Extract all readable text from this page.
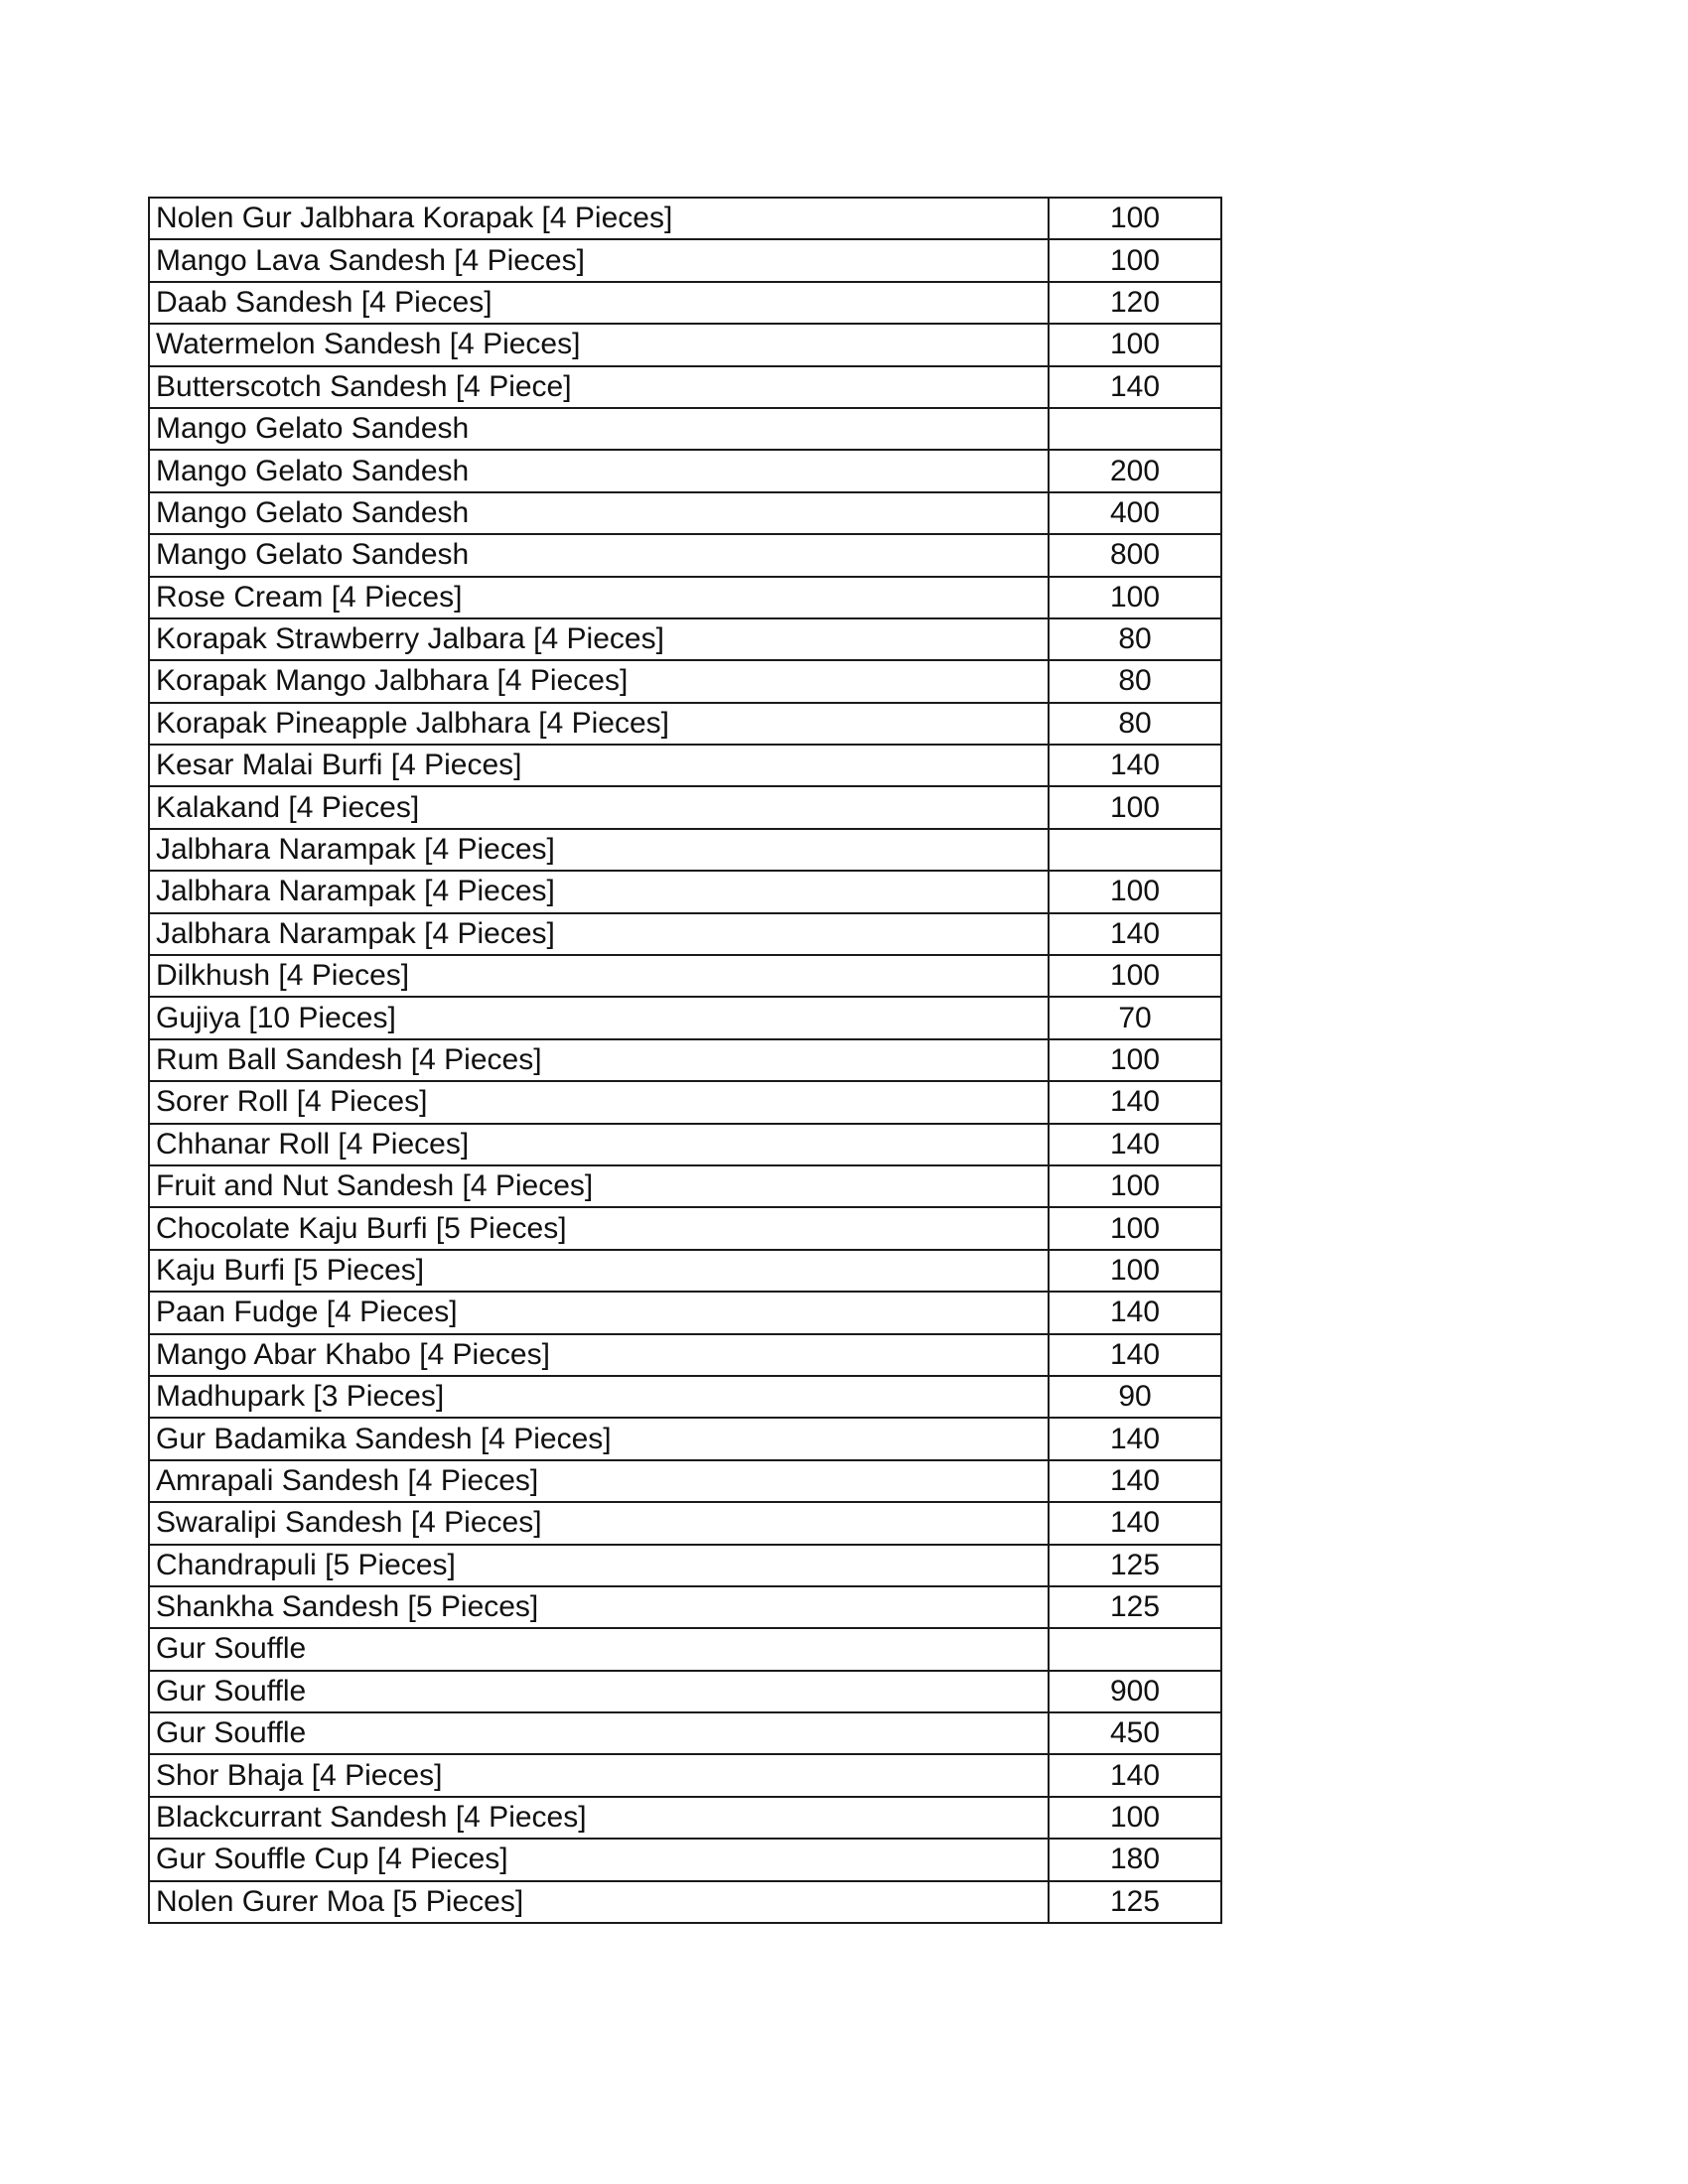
Nolen Gur Jalbhara Korapak [4 Pieces]	100
Mango Lava Sandesh [4 Pieces]	100
Daab Sandesh [4 Pieces]	120
Watermelon Sandesh [4 Pieces]	100
Butterscotch Sandesh [4 Piece]	140
Mango Gelato Sandesh	
Mango Gelato Sandesh	200
Mango Gelato Sandesh	400
Mango Gelato Sandesh	800
Rose Cream [4 Pieces]	100
Korapak Strawberry Jalbara [4 Pieces]	80
Korapak Mango Jalbhara [4 Pieces]	80
Korapak Pineapple Jalbhara [4 Pieces]	80
Kesar Malai Burfi [4 Pieces]	140
Kalakand [4 Pieces]	100
Jalbhara Narampak [4 Pieces]	
Jalbhara Narampak [4 Pieces]	100
Jalbhara Narampak [4 Pieces]	140
Dilkhush [4 Pieces]	100
Gujiya [10 Pieces]	70
Rum Ball Sandesh [4 Pieces]	100
Sorer Roll [4 Pieces]	140
Chhanar Roll [4 Pieces]	140
Fruit and Nut Sandesh [4 Pieces]	100
Chocolate Kaju Burfi [5 Pieces]	100
Kaju Burfi [5 Pieces]	100
Paan Fudge [4 Pieces]	140
Mango Abar Khabo [4 Pieces]	140
Madhupark [3 Pieces]	90
Gur Badamika Sandesh [4 Pieces]	140
Amrapali Sandesh [4 Pieces]	140
Swaralipi Sandesh [4 Pieces]	140
Chandrapuli [5 Pieces]	125
Shankha Sandesh [5 Pieces]	125
Gur Souffle	
Gur Souffle	900
Gur Souffle	450
Shor Bhaja [4 Pieces]	140
Blackcurrant Sandesh [4 Pieces]	100
Gur Souffle Cup [4 Pieces]	180
Nolen Gurer Moa [5 Pieces]	125
